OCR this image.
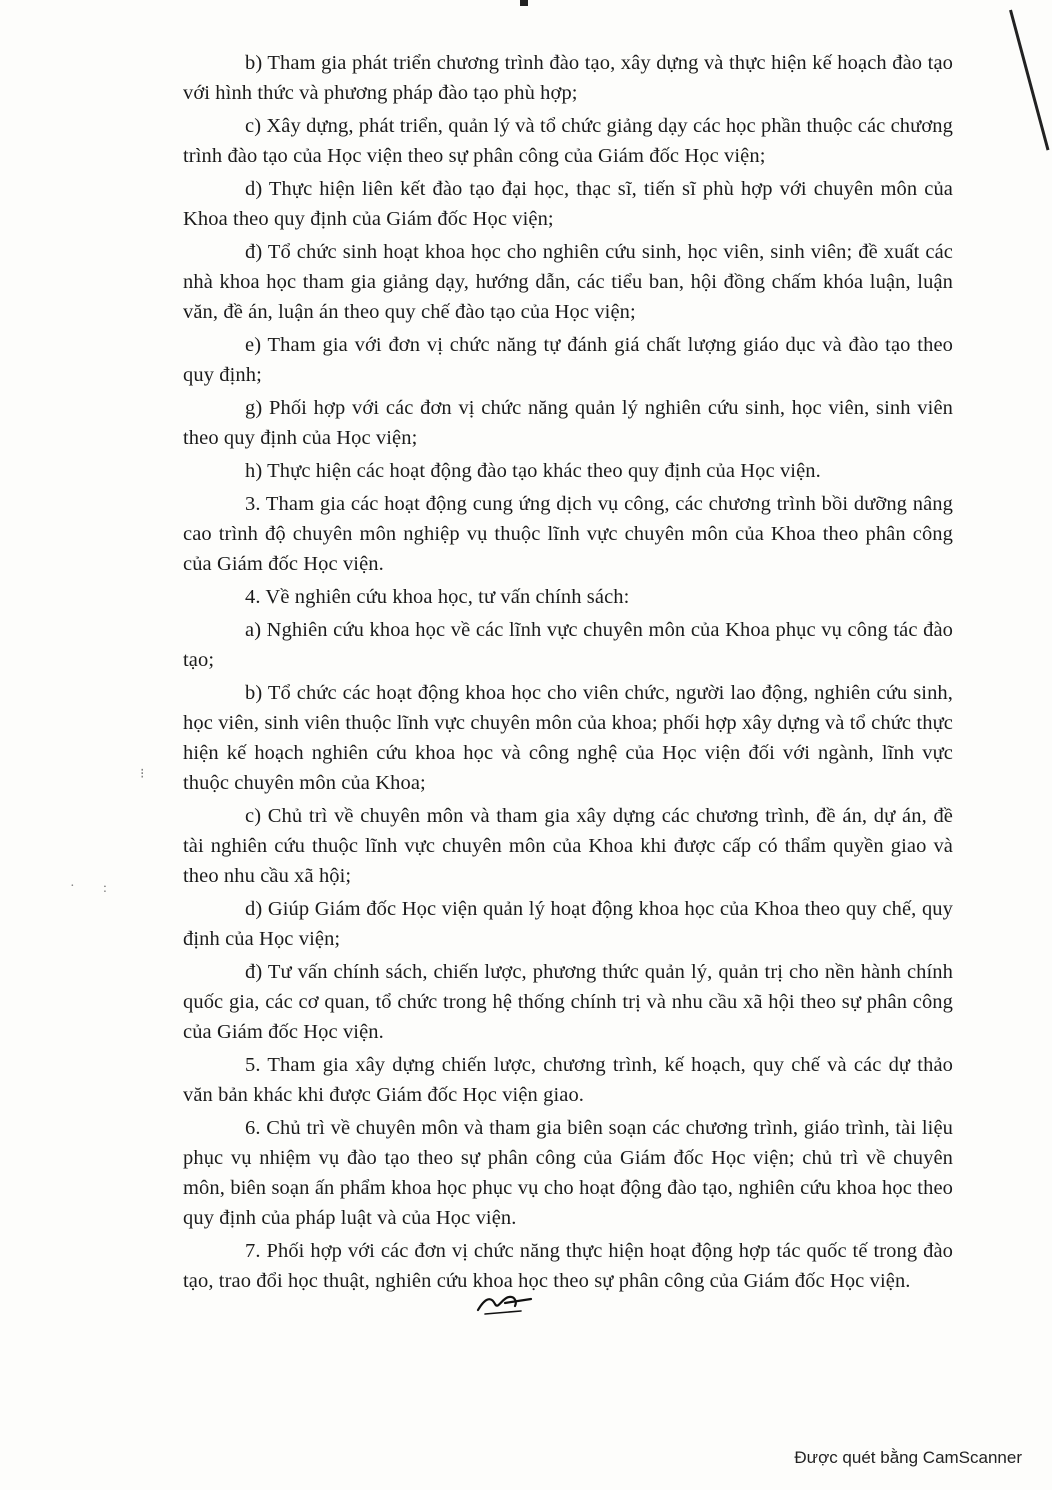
⁝
· :

b) Tham gia phát triển chương trình đào tạo, xây dựng và thực hiện kế hoạch đào tạo với hình thức và phương pháp đào tạo phù hợp;

c) Xây dựng, phát triển, quản lý và tổ chức giảng dạy các học phần thuộc các chương trình đào tạo của Học viện theo sự phân công của Giám đốc Học viện;

d) Thực hiện liên kết đào tạo đại học, thạc sĩ, tiến sĩ phù hợp với chuyên môn của Khoa theo quy định của Giám đốc Học viện;

đ) Tổ chức sinh hoạt khoa học cho nghiên cứu sinh, học viên, sinh viên; đề xuất các nhà khoa học tham gia giảng dạy, hướng dẫn, các tiểu ban, hội đồng chấm khóa luận, luận văn, đề án, luận án theo quy chế đào tạo của Học viện;

e) Tham gia với đơn vị chức năng tự đánh giá chất lượng giáo dục và đào tạo theo quy định;

g) Phối hợp với các đơn vị chức năng quản lý nghiên cứu sinh, học viên, sinh viên theo quy định của Học viện;

h) Thực hiện các hoạt động đào tạo khác theo quy định của Học viện.

3. Tham gia các hoạt động cung ứng dịch vụ công, các chương trình bồi dưỡng nâng cao trình độ chuyên môn nghiệp vụ thuộc lĩnh vực chuyên môn của Khoa theo phân công của Giám đốc Học viện.

4. Về nghiên cứu khoa học, tư vấn chính sách:

a) Nghiên cứu khoa học về các lĩnh vực chuyên môn của Khoa phục vụ công tác đào tạo;

b) Tổ chức các hoạt động khoa học cho viên chức, người lao động, nghiên cứu sinh, học viên, sinh viên thuộc lĩnh vực chuyên môn của khoa; phối hợp xây dựng và tổ chức thực hiện kế hoạch nghiên cứu khoa học và công nghệ của Học viện đối với ngành, lĩnh vực thuộc chuyên môn của Khoa;

c) Chủ trì về chuyên môn và tham gia xây dựng các chương trình, đề án, dự án, đề tài nghiên cứu thuộc lĩnh vực chuyên môn của Khoa khi được cấp có thẩm quyền giao và theo nhu cầu xã hội;

d) Giúp Giám đốc Học viện quản lý hoạt động khoa học của Khoa theo quy chế, quy định của Học viện;

đ) Tư vấn chính sách, chiến lược, phương thức quản lý, quản trị cho nền hành chính quốc gia, các cơ quan, tổ chức trong hệ thống chính trị và nhu cầu xã hội theo sự phân công của Giám đốc Học viện.

5. Tham gia xây dựng chiến lược, chương trình, kế hoạch, quy chế và các dự thảo văn bản khác khi được Giám đốc Học viện giao.

6. Chủ trì về chuyên môn và tham gia biên soạn các chương trình, giáo trình, tài liệu phục vụ nhiệm vụ đào tạo theo sự phân công của Giám đốc Học viện; chủ trì về chuyên môn, biên soạn ấn phẩm khoa học phục vụ cho hoạt động đào tạo, nghiên cứu khoa học theo quy định của pháp luật và của Học viện.

7. Phối hợp với các đơn vị chức năng thực hiện hoạt động hợp tác quốc tế trong đào tạo, trao đổi học thuật, nghiên cứu khoa học theo sự phân công của Giám đốc Học viện.

Được quét bằng CamScanner
